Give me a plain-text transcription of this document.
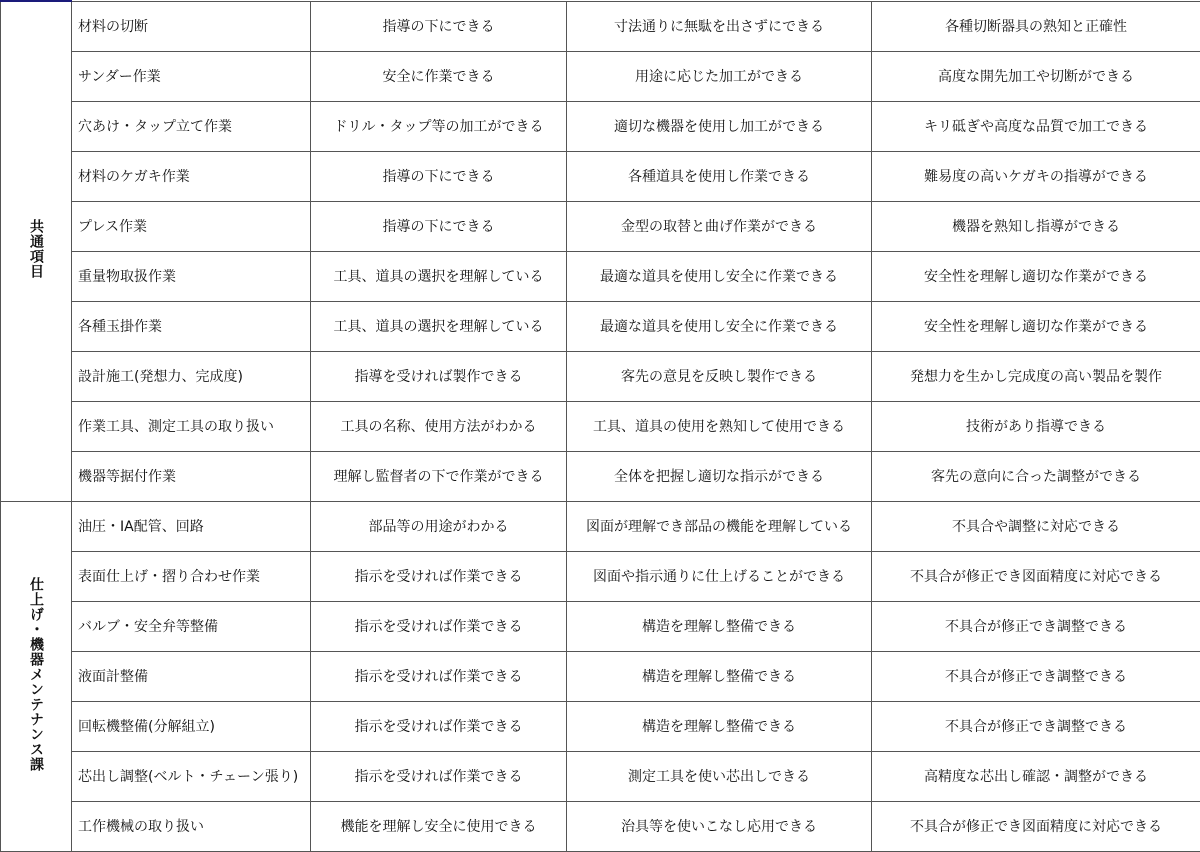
共通項目	材料の切断	指導の下にできる	寸法通りに無駄を出さずにできる	各種切断器具の熟知と正確性
	サンダー作業	安全に作業できる	用途に応じた加工ができる	高度な開先加工や切断ができる
	穴あけ・タップ立て作業	ドリル・タップ等の加工ができる	適切な機器を使用し加工ができる	キリ砥ぎや高度な品質で加工できる
	材料のケガキ作業	指導の下にできる	各種道具を使用し作業できる	難易度の高いケガキの指導ができる
	プレス作業	指導の下にできる	金型の取替と曲げ作業ができる	機器を熟知し指導ができる
	重量物取扱作業	工具、道具の選択を理解している	最適な道具を使用し安全に作業できる	安全性を理解し適切な作業ができる
	各種玉掛作業	工具、道具の選択を理解している	最適な道具を使用し安全に作業できる	安全性を理解し適切な作業ができる
	設計施工(発想力、完成度)	指導を受ければ製作できる	客先の意見を反映し製作できる	発想力を生かし完成度の高い製品を製作
	作業工具、測定工具の取り扱い	工具の名称、使用方法がわかる	工具、道具の使用を熟知して使用できる	技術があり指導できる
	機器等据付作業	理解し監督者の下で作業ができる	全体を把握し適切な指示ができる	客先の意向に合った調整ができる
仕上げ・機器メンテナンス課	油圧・IA配管、回路	部品等の用途がわかる	図面が理解でき部品の機能を理解している	不具合や調整に対応できる
	表面仕上げ・摺り合わせ作業	指示を受ければ作業できる	図面や指示通りに仕上げることができる	不具合が修正でき図面精度に対応できる
	バルブ・安全弁等整備	指示を受ければ作業できる	構造を理解し整備できる	不具合が修正でき調整できる
	液面計整備	指示を受ければ作業できる	構造を理解し整備できる	不具合が修正でき調整できる
	回転機整備(分解組立)	指示を受ければ作業できる	構造を理解し整備できる	不具合が修正でき調整できる
	芯出し調整(ベルト・チェーン張り)	指示を受ければ作業できる	測定工具を使い芯出しできる	高精度な芯出し確認・調整ができる
	工作機械の取り扱い	機能を理解し安全に使用できる	治具等を使いこなし応用できる	不具合が修正でき図面精度に対応できる
